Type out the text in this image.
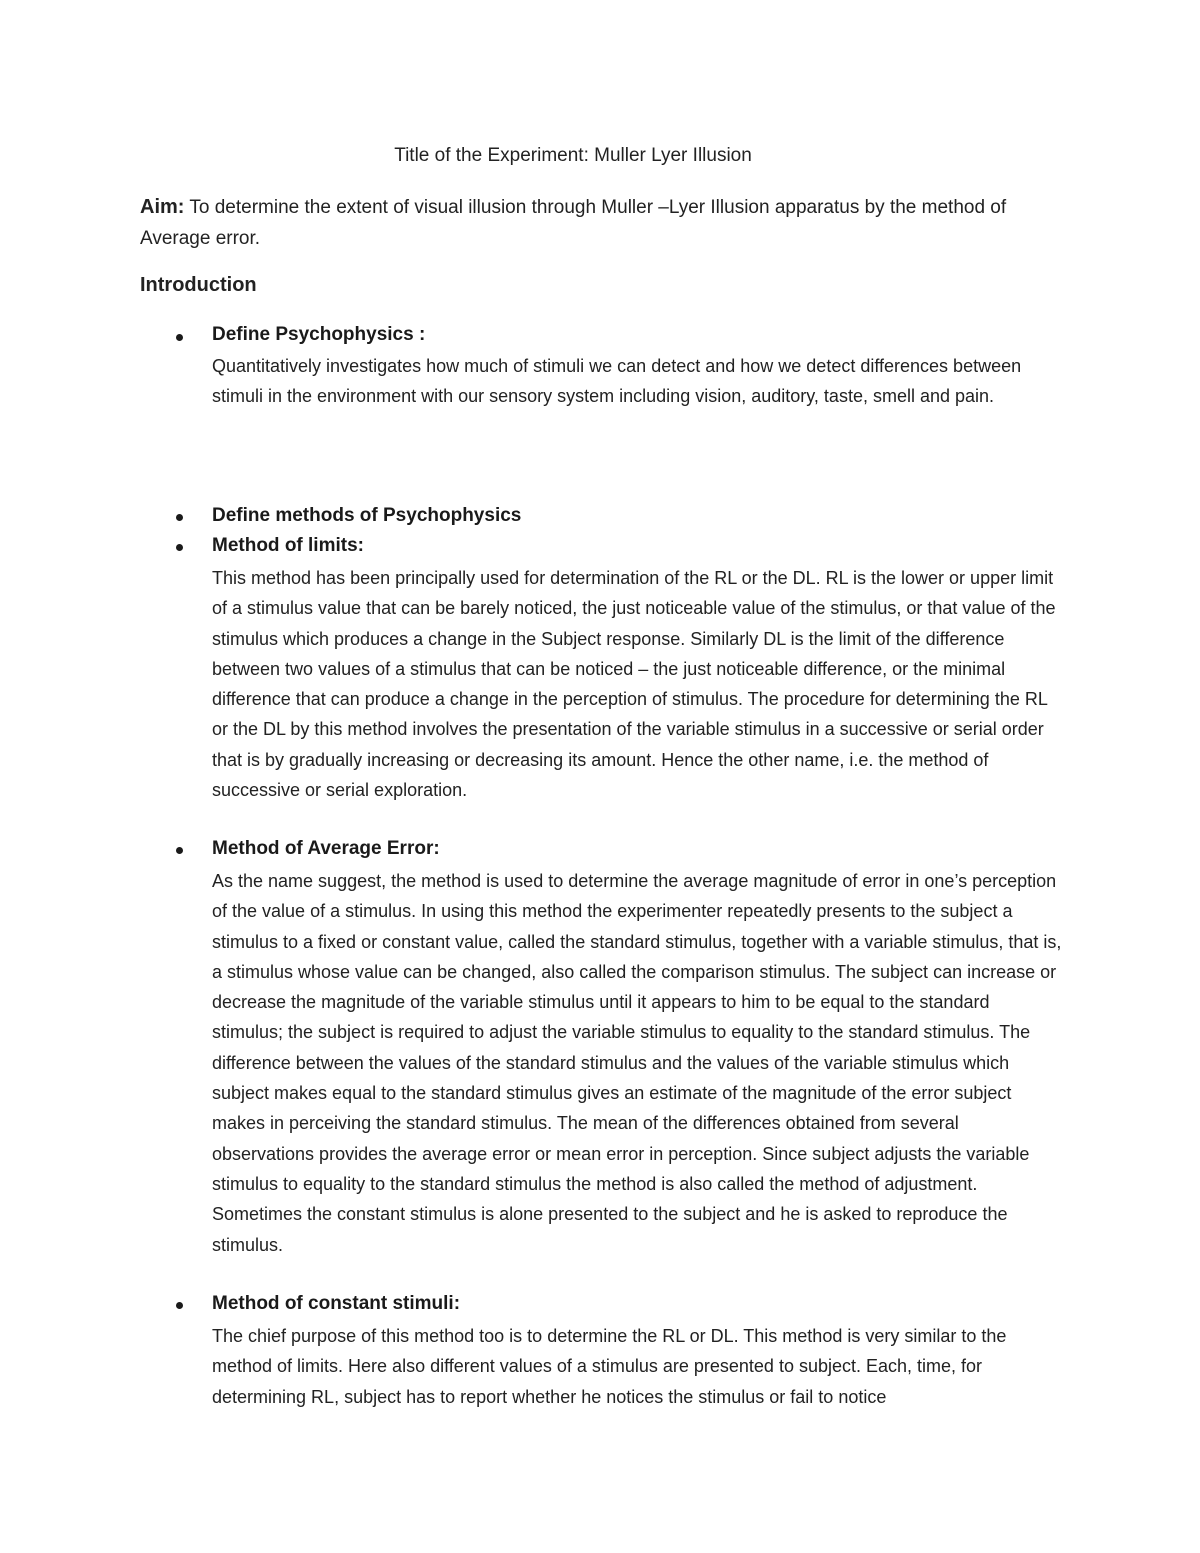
Title of the Experiment: Muller Lyer Illusion
Aim: To determine the extent of visual illusion through Muller –Lyer Illusion apparatus by the method of Average error.
Introduction
Define Psychophysics :
Quantitatively investigates how much of stimuli we can detect and how we detect differences between stimuli in the environment with our sensory system including vision, auditory, taste, smell and pain.
Define methods of Psychophysics
Method of limits:
This method has been principally used for determination of the RL or the DL. RL is the lower or upper limit of a stimulus value that can be barely noticed, the just noticeable value of the stimulus, or that value of the stimulus which produces a change in the Subject response. Similarly DL is the limit of the difference between two values of a stimulus that can be noticed – the just noticeable difference, or the minimal difference that can produce a change in the perception of stimulus. The procedure for determining the RL or the DL by this method involves the presentation of the variable stimulus in a successive or serial order that is by gradually increasing or decreasing its amount. Hence the other name, i.e. the method of successive or serial exploration.
Method of Average Error:
As the name suggest, the method is used to determine the average magnitude of error in one’s perception of the value of a stimulus. In using this method the experimenter repeatedly presents to the subject a stimulus to a fixed or constant value, called the standard stimulus, together with a variable stimulus, that is, a stimulus whose value can be changed, also called the comparison stimulus. The subject can increase or decrease the magnitude of the variable stimulus until it appears to him to be equal to the standard stimulus; the subject is required to adjust the variable stimulus to equality to the standard stimulus. The difference between the values of the standard stimulus and the values of the variable stimulus which subject makes equal to the standard stimulus gives an estimate of the magnitude of the error subject makes in perceiving the standard stimulus. The mean of the differences obtained from several observations provides the average error or mean error in perception. Since subject adjusts the variable stimulus to equality to the standard stimulus the method is also called the method of adjustment. Sometimes the constant stimulus is alone presented to the subject and he is asked to reproduce the stimulus.
Method of constant stimuli:
The chief purpose of this method too is to determine the RL or DL. This method is very similar to the method of limits. Here also different values of a stimulus are presented to subject. Each, time, for determining RL, subject has to report whether he notices the stimulus or fail to notice
